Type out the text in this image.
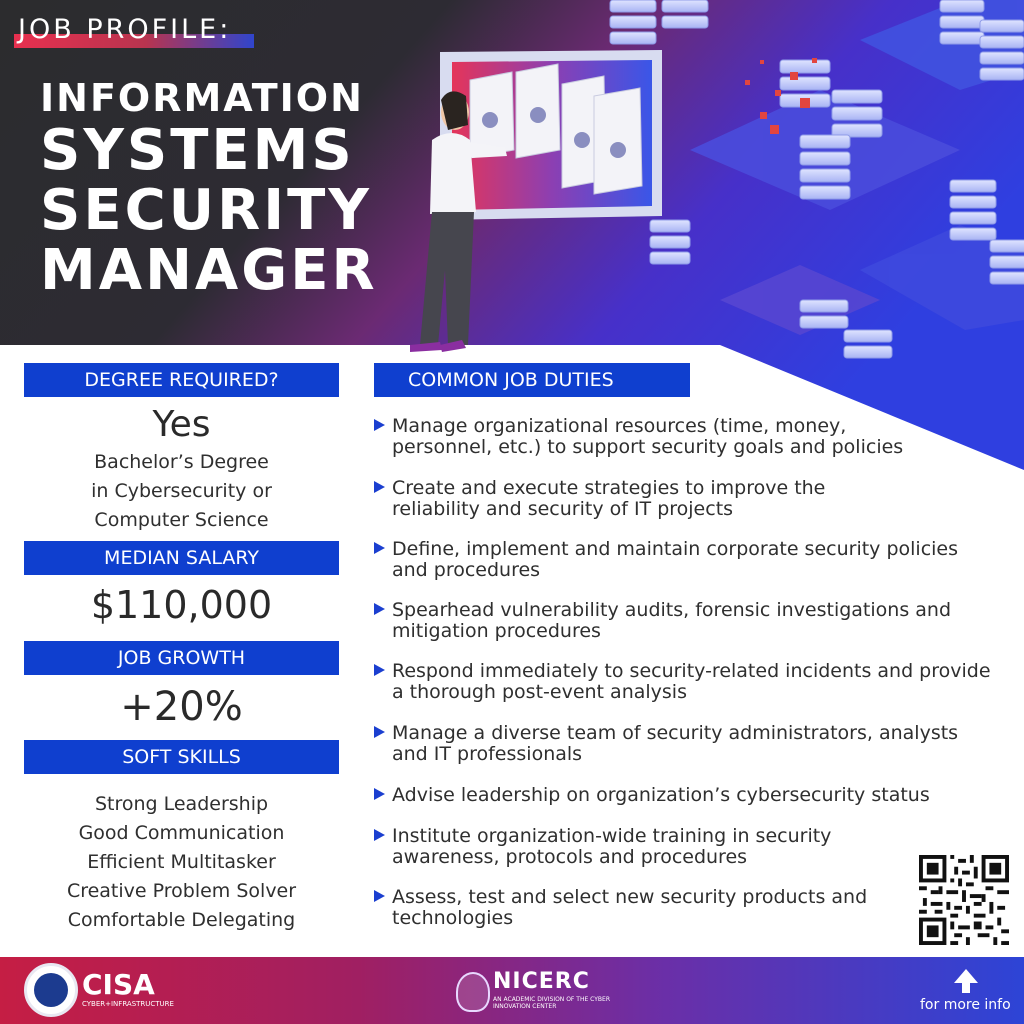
JOB PROFILE:
INFORMATION
SYSTEMS
SECURITY
MANAGER
DEGREE REQUIRED?
Yes
Bachelor’s Degree
in Cybersecurity or
Computer Science
MEDIAN SALARY
$110,000
JOB GROWTH
+20%
SOFT SKILLS
Strong Leadership
Good Communication
Efficient Multitasker
Creative Problem Solver
Comfortable Delegating
COMMON JOB DUTIES
Manage organizational resources (time, money,
personnel, etc.) to support security goals and policies
Create and execute strategies to improve the
reliability and security of IT projects
Define, implement and maintain corporate security policies
and procedures
Spearhead vulnerability audits, forensic investigations and
mitigation procedures
Respond immediately to security-related incidents and provide
a thorough post-event analysis
Manage a diverse team of security administrators, analysts
and IT professionals
Advise leadership on organization’s cybersecurity status
Institute organization-wide training in security
awareness, protocols and procedures
Assess, test and select new security products and
technologies
CISA
CYBER+INFRASTRUCTURE
NICERC
AN ACADEMIC DIVISION OF THE CYBER INNOVATION CENTER	for more info
